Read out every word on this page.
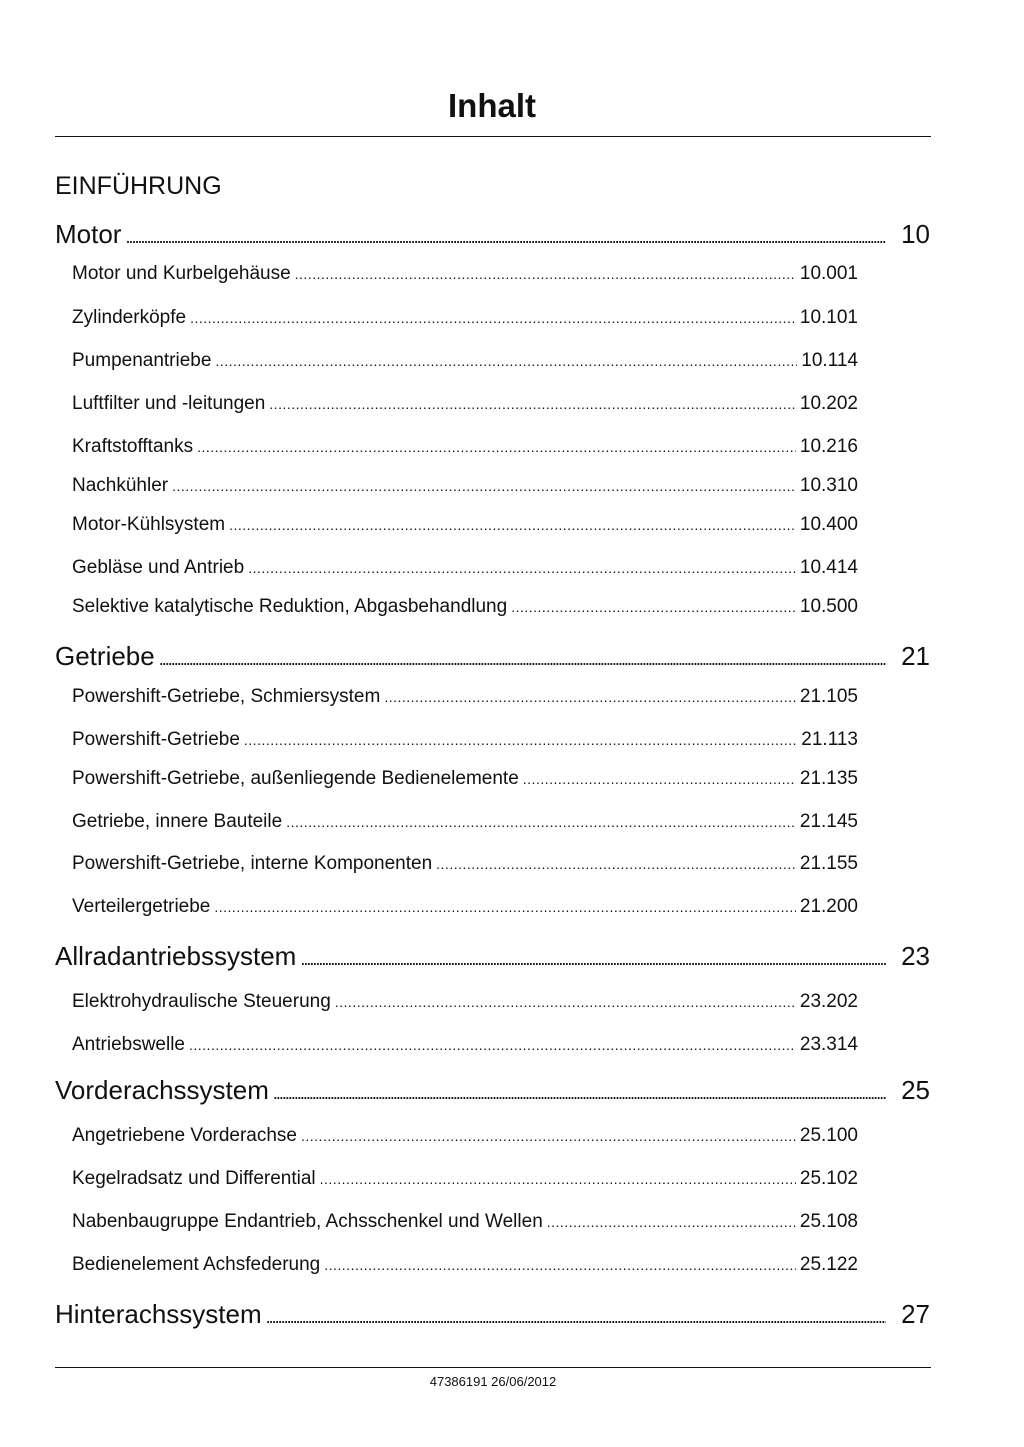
Inhalt
EINFÜHRUNG
Motor .....	10
Motor und Kurbelgehäuse .....	10.001
Zylinderköpfe .....	10.101
Pumpenantriebe .....	10.114
Luftfilter und -leitungen .....	10.202
Kraftstofftanks .....	10.216
Nachkühler .....	10.310
Motor-Kühlsystem .....	10.400
Gebläse und Antrieb .....	10.414
Selektive katalytische Reduktion, Abgasbehandlung .....	10.500
Getriebe .....	21
Powershift-Getriebe, Schmiersystem .....	21.105
Powershift-Getriebe .....	21.113
Powershift-Getriebe, außenliegende Bedienelemente .....	21.135
Getriebe, innere Bauteile .....	21.145
Powershift-Getriebe, interne Komponenten .....	21.155
Verteilergetriebe .....	21.200
Allradantriebssystem .....	23
Elektrohydraulische Steuerung .....	23.202
Antriebswelle .....	23.314
Vorderachssystem .....	25
Angetriebene Vorderachse .....	25.100
Kegelradsatz und Differential .....	25.102
Nabenbaugruppe Endantrieb, Achsschenkel und Wellen .....	25.108
Bedienelement Achsfederung .....	25.122
Hinterachssystem .....	27
47386191 26/06/2012
